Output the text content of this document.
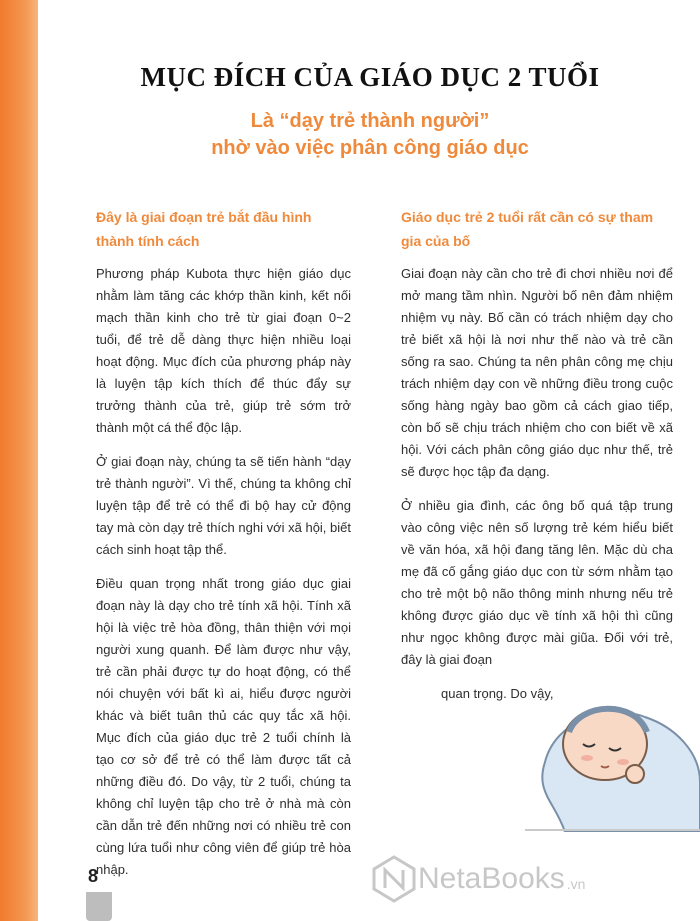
MỤC ĐÍCH CỦA GIÁO DỤC 2 TUỔI
Là “dạy trẻ thành người”
nhờ vào việc phân công giáo dục

Đây là giai đoạn trẻ bắt đầu hình thành tính cách

Phương pháp Kubota thực hiện giáo dục nhằm làm tăng các khớp thần kinh, kết nối mạch thần kinh cho trẻ từ giai đoạn 0~2 tuổi, để trẻ dễ dàng thực hiện nhiều loại hoạt động. Mục đích của phương pháp này là luyện tập kích thích để thúc đẩy sự trưởng thành của trẻ, giúp trẻ sớm trở thành một cá thể độc lập.

Ở giai đoạn này, chúng ta sẽ tiến hành “dạy trẻ thành người”. Vì thế, chúng ta không chỉ luyện tập để trẻ có thể đi bộ hay cử động tay mà còn dạy trẻ thích nghi với xã hội, biết cách sinh hoạt tập thể.

Điều quan trọng nhất trong giáo dục giai đoạn này là dạy cho trẻ tính xã hội. Tính xã hội là việc trẻ hòa đồng, thân thiện với mọi người xung quanh. Để làm được như vậy, trẻ cần phải được tự do hoạt động, có thể nói chuyện với bất kì ai, hiểu được người khác và biết tuân thủ các quy tắc xã hội. Mục đích của giáo dục trẻ 2 tuổi chính là tạo cơ sở để trẻ có thể làm được tất cả những điều đó. Do vậy, từ 2 tuổi, chúng ta không chỉ luyện tập cho trẻ ở nhà mà còn cần dẫn trẻ đến những nơi có nhiều trẻ con cùng lứa tuổi như công viên để giúp trẻ hòa nhập.

Giáo dục trẻ 2 tuổi rất cần có sự tham gia của bố

Giai đoạn này cần cho trẻ đi chơi nhiều nơi để mở mang tầm nhìn. Người bố nên đảm nhiệm nhiệm vụ này. Bố cần có trách nhiệm dạy cho trẻ biết xã hội là nơi như thế nào và trẻ cần sống ra sao. Chúng ta nên phân công mẹ chịu trách nhiệm dạy con về những điều trong cuộc sống hàng ngày bao gồm cả cách giao tiếp, còn bố sẽ chịu trách nhiệm cho con biết về xã hội. Với cách phân công giáo dục như thế, trẻ sẽ được học tập đa dạng.

Ở nhiều gia đình, các ông bố quá tập trung vào công việc nên số lượng trẻ kém hiểu biết về văn hóa, xã hội đang tăng lên. Mặc dù cha mẹ đã cố gắng giáo dục con từ sớm nhằm tạo cho trẻ một bộ não thông minh nhưng nếu trẻ không được giáo dục về tính xã hội thì cũng như ngọc không được mài giũa. Đối với trẻ, đây là giai đoạn

quan trọng. Do vậy,

8	NetaBooks .vn
